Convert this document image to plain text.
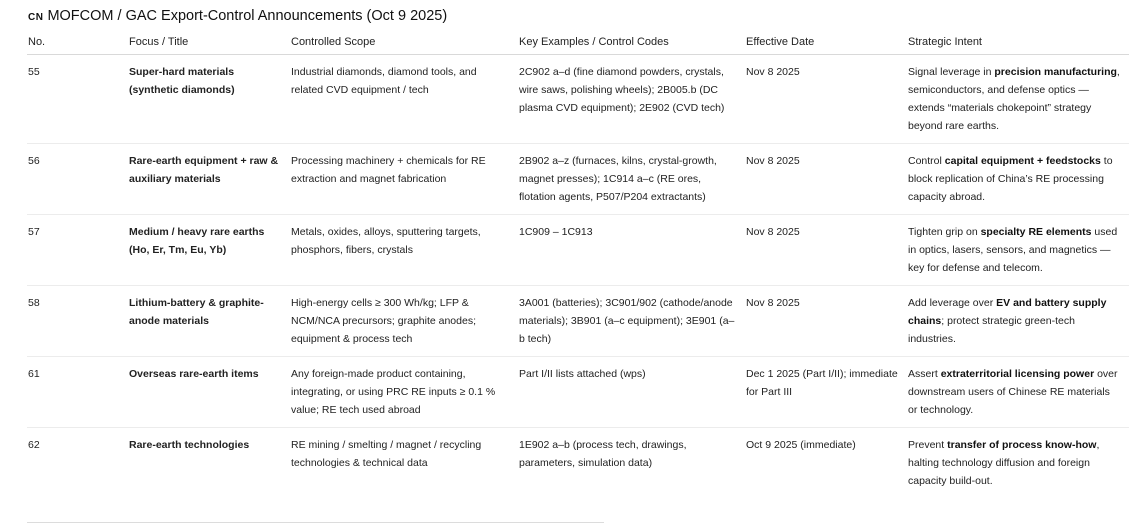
CN MOFCOM / GAC Export-Control Announcements (Oct 9 2025)
No.	Focus / Title	Controlled Scope	Key Examples / Control Codes	Effective Date	Strategic Intent
55	Super-hard materials (synthetic diamonds)	Industrial diamonds, diamond tools, and related CVD equipment / tech	2C902 a–d (fine diamond powders, crystals, wire saws, polishing wheels); 2B005.b (DC plasma CVD equipment); 2E902 (CVD tech)	Nov 8 2025	Signal leverage in precision manufacturing, semiconductors, and defense optics — extends “materials chokepoint” strategy beyond rare earths.
56	Rare-earth equipment + raw & auxiliary materials	Processing machinery + chemicals for RE extraction and magnet fabrication	2B902 a–z (furnaces, kilns, crystal-growth, magnet presses); 1C914 a–c (RE ores, flotation agents, P507/P204 extractants)	Nov 8 2025	Control capital equipment + feedstocks to block replication of China’s RE processing capacity abroad.
57	Medium / heavy rare earths (Ho, Er, Tm, Eu, Yb)	Metals, oxides, alloys, sputtering targets, phosphors, fibers, crystals	1C909 – 1C913	Nov 8 2025	Tighten grip on specialty RE elements used in optics, lasers, sensors, and magnetics — key for defense and telecom.
58	Lithium-battery & graphite-anode materials	High-energy cells ≥ 300 Wh/kg; LFP & NCM/NCA precursors; graphite anodes; equipment & process tech	3A001 (batteries); 3C901/902 (cathode/anode materials); 3B901 (a–c equipment); 3E901 (a–b tech)	Nov 8 2025	Add leverage over EV and battery supply chains; protect strategic green-tech industries.
61	Overseas rare-earth items	Any foreign-made product containing, integrating, or using PRC RE inputs ≥ 0.1 % value; RE tech used abroad	Part I/II lists attached (wps)	Dec 1 2025 (Part I/II); immediate for Part III	Assert extraterritorial licensing power over downstream users of Chinese RE materials or technology.
62	Rare-earth technologies	RE mining / smelting / magnet / recycling technologies & technical data	1E902 a–b (process tech, drawings, parameters, simulation data)	Oct 9 2025 (immediate)	Prevent transfer of process know-how, halting technology diffusion and foreign capacity build-out.
